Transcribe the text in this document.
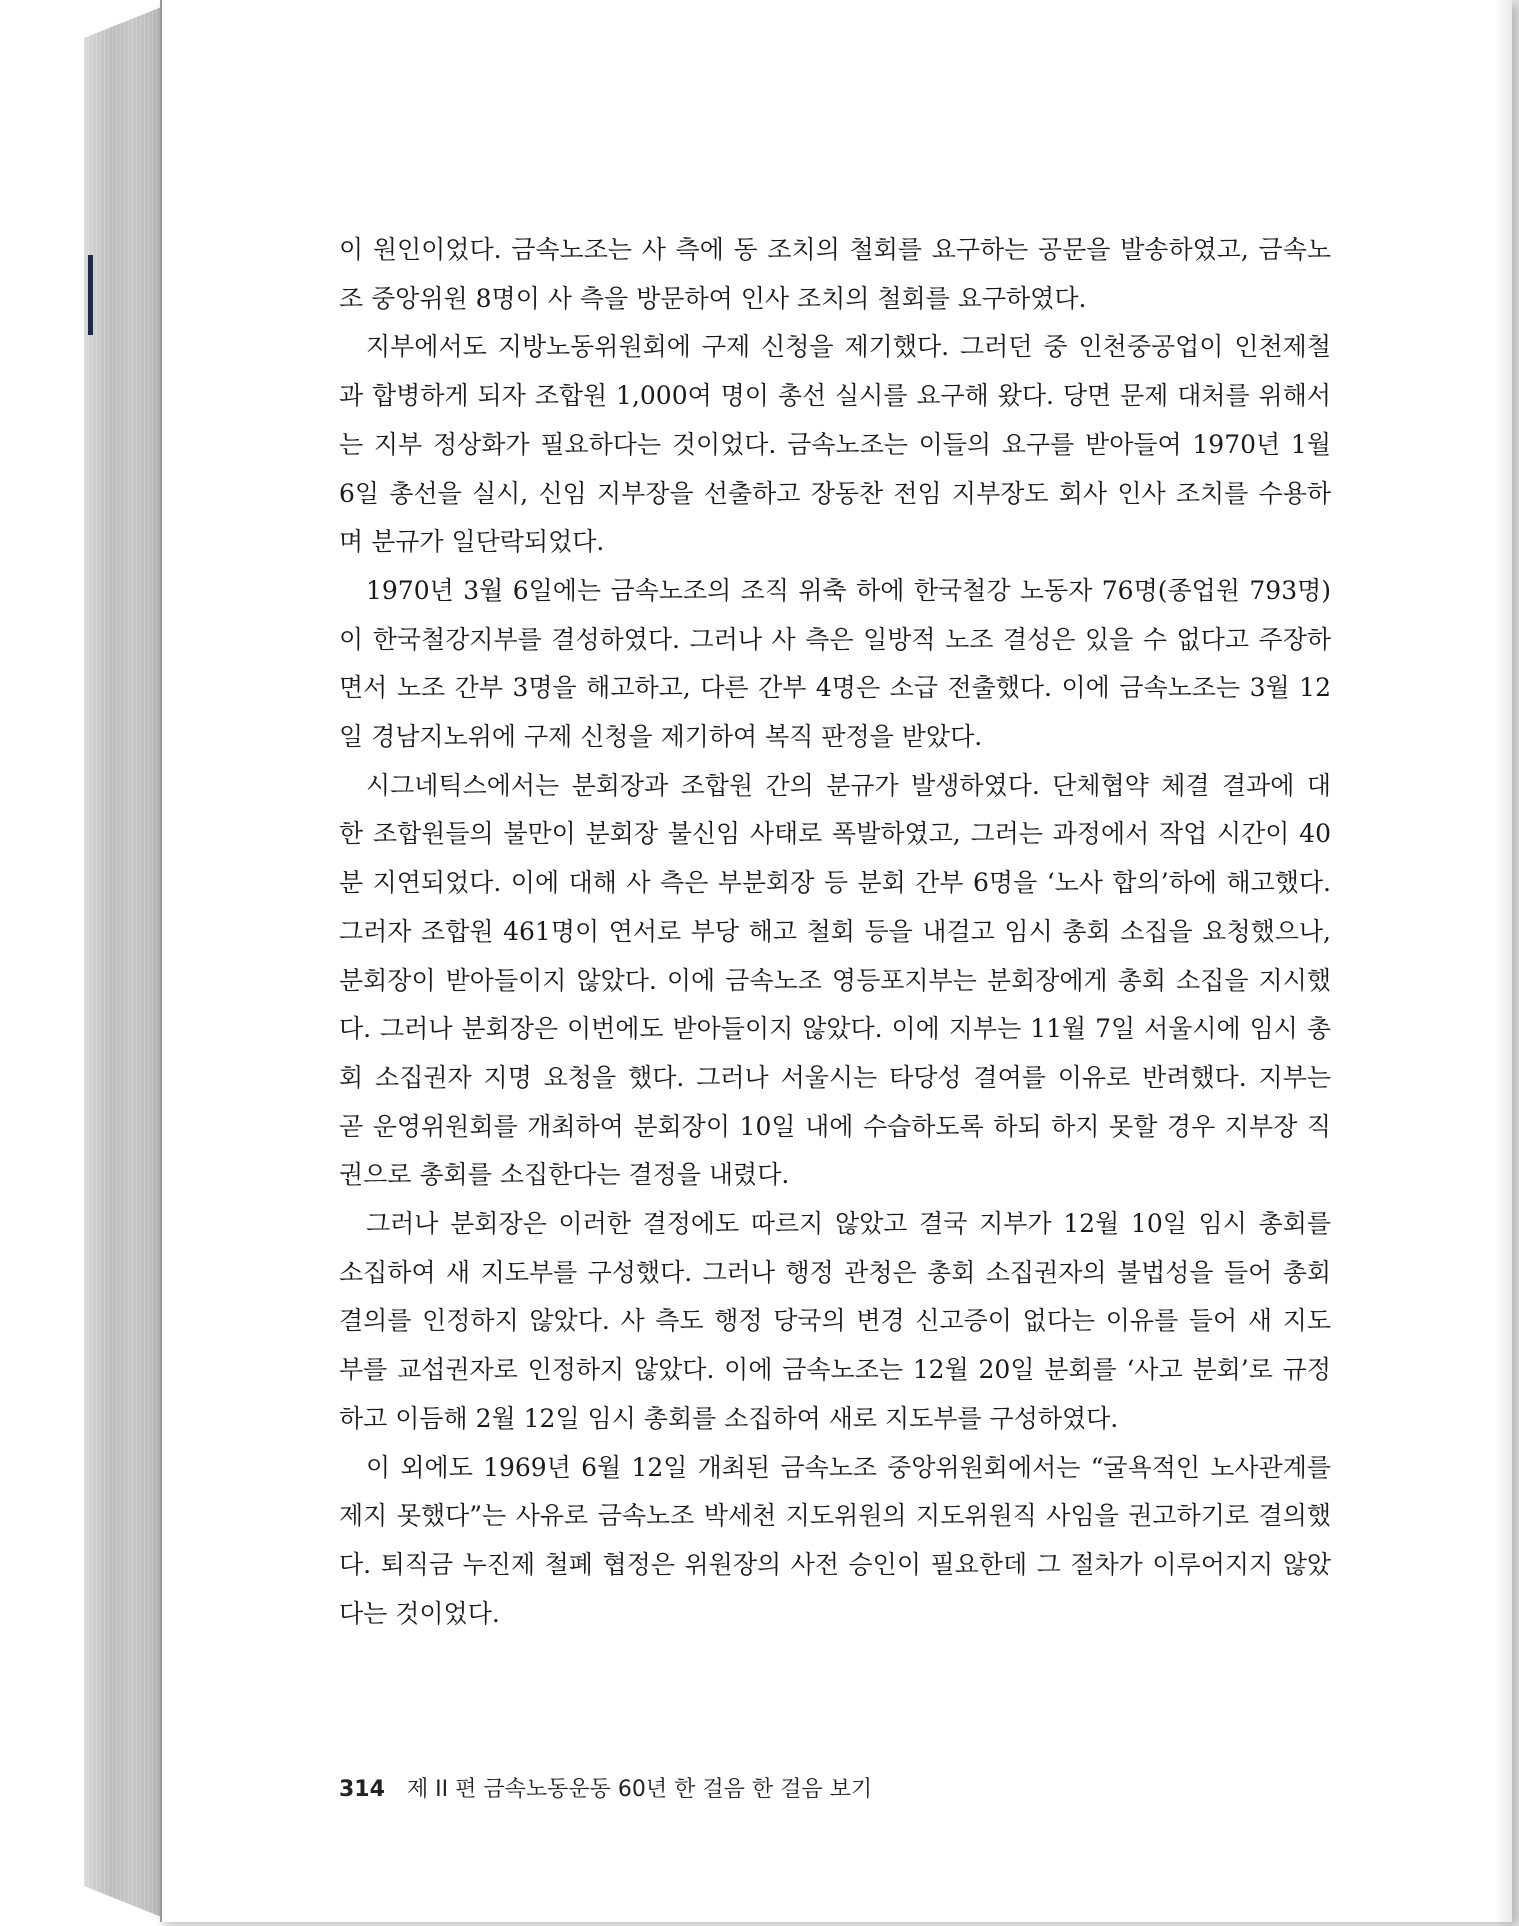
이 원인이었다. 금속노조는 사 측에 동 조치의 철회를 요구하는 공문을 발송하였고, 금속노
조 중앙위원 8명이 사 측을 방문하여 인사 조치의 철회를 요구하였다.
지부에서도 지방노동위원회에 구제 신청을 제기했다. 그러던 중 인천중공업이 인천제철
과 합병하게 되자 조합원 1,000여 명이 총선 실시를 요구해 왔다. 당면 문제 대처를 위해서
는 지부 정상화가 필요하다는 것이었다. 금속노조는 이들의 요구를 받아들여 1970년 1월
6일 총선을 실시, 신임 지부장을 선출하고 장동찬 전임 지부장도 회사 인사 조치를 수용하
며 분규가 일단락되었다.
1970년 3월 6일에는 금속노조의 조직 위축 하에 한국철강 노동자 76명(종업원 793명)
이 한국철강지부를 결성하였다. 그러나 사 측은 일방적 노조 결성은 있을 수 없다고 주장하
면서 노조 간부 3명을 해고하고, 다른 간부 4명은 소급 전출했다. 이에 금속노조는 3월 12
일 경남지노위에 구제 신청을 제기하여 복직 판정을 받았다.
시그네틱스에서는 분회장과 조합원 간의 분규가 발생하였다. 단체협약 체결 결과에 대
한 조합원들의 불만이 분회장 불신임 사태로 폭발하였고, 그러는 과정에서 작업 시간이 40
분 지연되었다. 이에 대해 사 측은 부분회장 등 분회 간부 6명을 ‘노사 합의’하에 해고했다.
그러자 조합원 461명이 연서로 부당 해고 철회 등을 내걸고 임시 총회 소집을 요청했으나,
분회장이 받아들이지 않았다. 이에 금속노조 영등포지부는 분회장에게 총회 소집을 지시했
다. 그러나 분회장은 이번에도 받아들이지 않았다. 이에 지부는 11월 7일 서울시에 임시 총
회 소집권자 지명 요청을 했다. 그러나 서울시는 타당성 결여를 이유로 반려했다. 지부는
곧 운영위원회를 개최하여 분회장이 10일 내에 수습하도록 하되 하지 못할 경우 지부장 직
권으로 총회를 소집한다는 결정을 내렸다.
그러나 분회장은 이러한 결정에도 따르지 않았고 결국 지부가 12월 10일 임시 총회를
소집하여 새 지도부를 구성했다. 그러나 행정 관청은 총회 소집권자의 불법성을 들어 총회
결의를 인정하지 않았다. 사 측도 행정 당국의 변경 신고증이 없다는 이유를 들어 새 지도
부를 교섭권자로 인정하지 않았다. 이에 금속노조는 12월 20일 분회를 ‘사고 분회’로 규정
하고 이듬해 2월 12일 임시 총회를 소집하여 새로 지도부를 구성하였다.
이 외에도 1969년 6월 12일 개최된 금속노조 중앙위원회에서는 “굴욕적인 노사관계를
제지 못했다”는 사유로 금속노조 박세천 지도위원의 지도위원직 사임을 권고하기로 결의했
다. 퇴직금 누진제 철폐 협정은 위원장의 사전 승인이 필요한데 그 절차가 이루어지지 않았
다는 것이었다.
314 제 II 편 금속노동운동 60년 한 걸음 한 걸음 보기
